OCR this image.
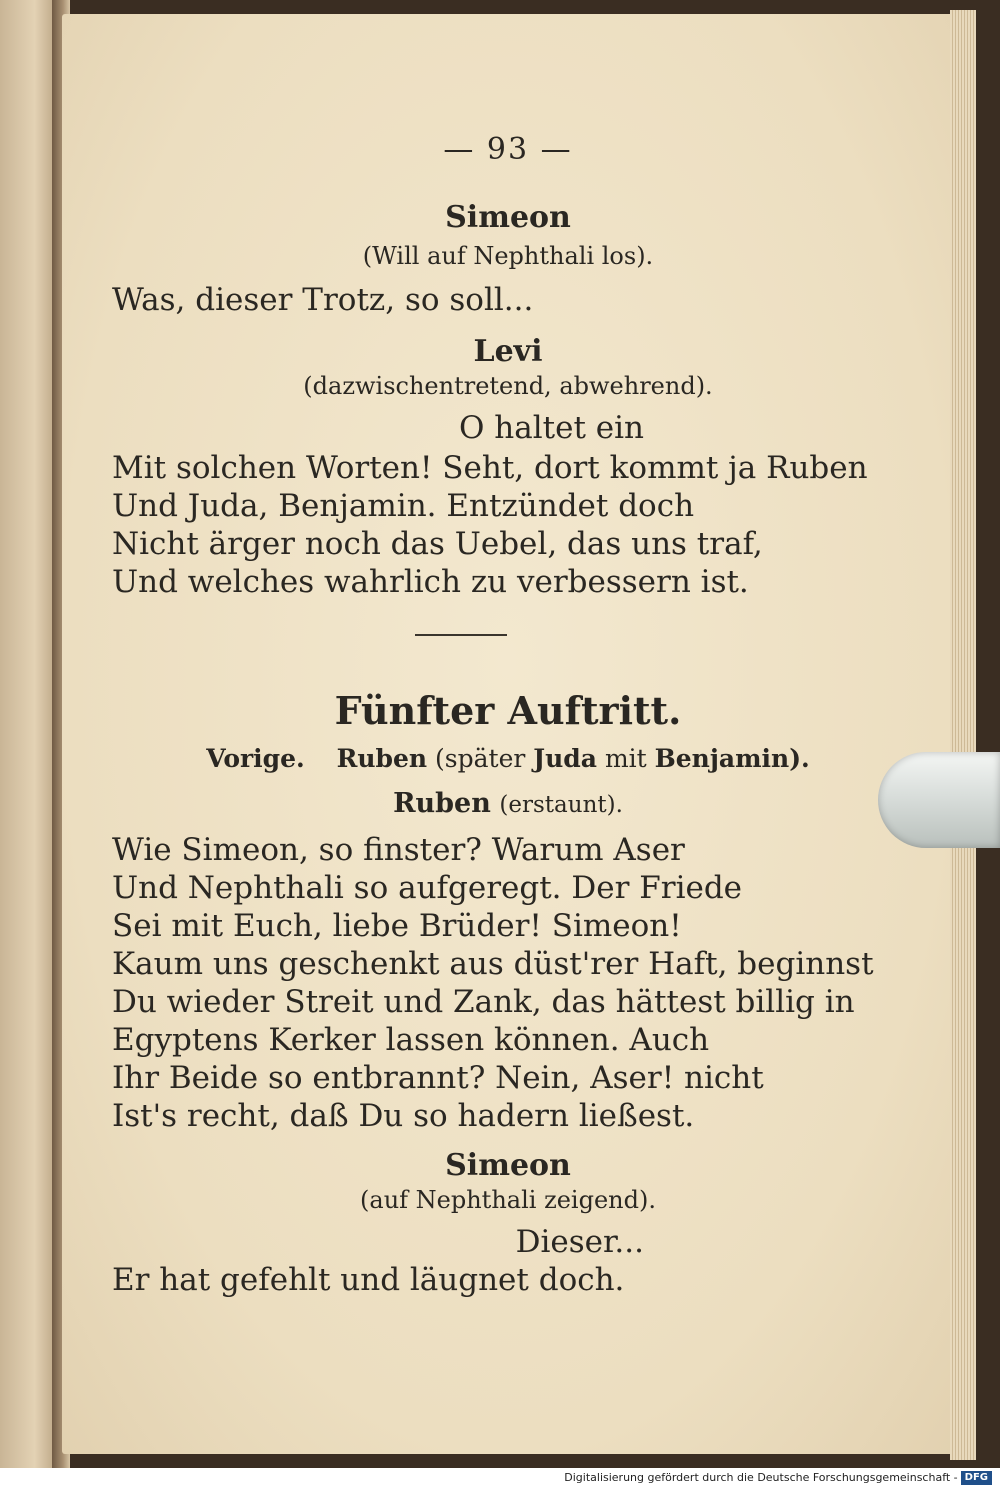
— 93 —
Simeon
(Will auf Nephthali los).
Was, dieser Trotz, so soll...
Levi
(dazwischentretend, abwehrend).
O haltet ein
Mit solchen Worten! Seht, dort kommt ja Ruben
Und Juda, Benjamin. Entzündet doch
Nicht ärger noch das Uebel, das uns traf,
Und welches wahrlich zu verbessern ist.
Fünfter Auftritt.
Vorige. Ruben (später Juda mit Benjamin).
Ruben (erstaunt).
Wie Simeon, so finster? Warum Aser
Und Nephthali so aufgeregt. Der Friede
Sei mit Euch, liebe Brüder! Simeon!
Kaum uns geschenkt aus düst'rer Haft, beginnst
Du wieder Streit und Zank, das hättest billig in
Egyptens Kerker lassen können. Auch
Ihr Beide so entbrannt? Nein, Aser! nicht
Ist's recht, daß Du so hadern ließest.
Simeon
(auf Nephthali zeigend).
Dieser...
Er hat gefehlt und läugnet doch.
Digitalisierung gefördert durch die Deutsche Forschungsgemeinschaft - DFG
